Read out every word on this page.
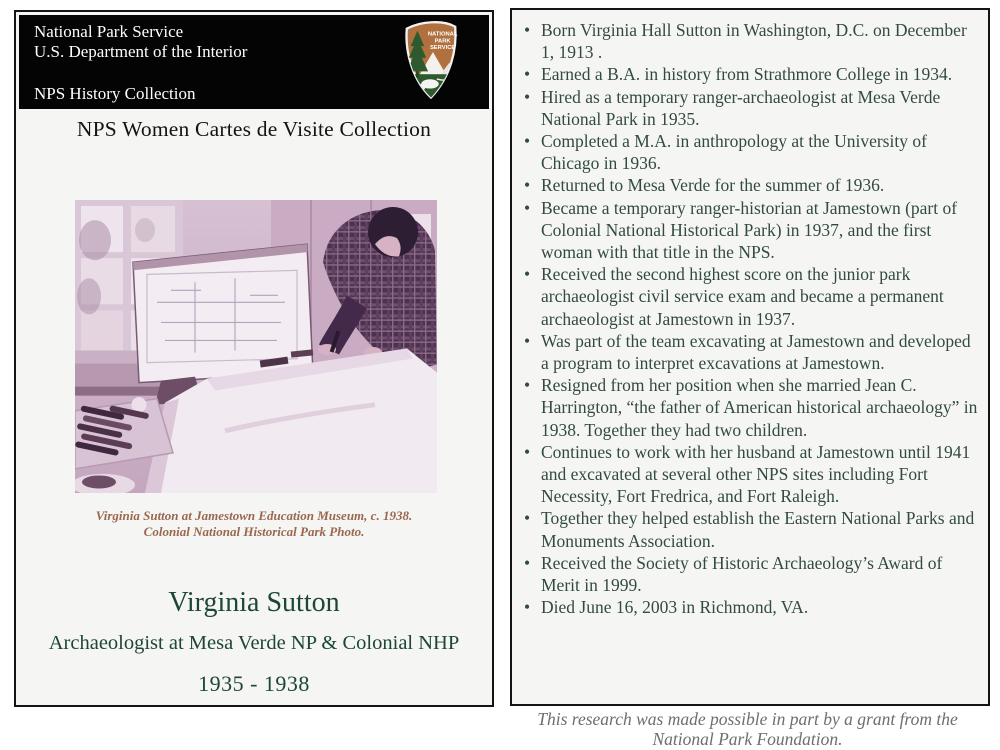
National Park Service
U.S. Department of the Interior
NPS History Collection
NATIONAL
PARK
SERVICE
NPS Women Cartes de Visite Collection
Virginia Sutton at Jamestown Education Museum, c. 1938.
Colonial National Historical Park Photo.
Virginia Sutton
Archaeologist at Mesa Verde NP & Colonial NHP
1935 - 1938
• Born Virginia Hall Sutton in Washington, D.C. on December 1, 1913 .
• Earned a B.A. in history from Strathmore College in 1934.
• Hired as a temporary ranger-archaeologist at Mesa Verde National Park in 1935.
• Completed a M.A. in anthropology at the University of Chicago in 1936.
• Returned to Mesa Verde for the summer of 1936.
• Became a temporary ranger-historian at Jamestown (part of Colonial National Historical Park) in 1937, and the first woman with that title in the NPS.
• Received the second highest score on the junior park archaeologist civil service exam and became a permanent archaeologist at Jamestown in 1937.
• Was part of the team excavating at Jamestown and developed a program to interpret excavations at Jamestown.
• Resigned from her position when she married Jean C. Harrington, “the father of American historical archaeology” in 1938. Together they had two children.
• Continues to work with her husband at Jamestown until 1941 and excavated at several other NPS sites including Fort Necessity, Fort Fredrica, and Fort Raleigh.
• Together they helped establish the Eastern National Parks and Monuments Association.
• Received the Society of Historic Archaeology’s Award of Merit in 1999.
• Died June 16, 2003 in Richmond, VA.
This research was made possible in part by a grant from the
National Park Foundation.
